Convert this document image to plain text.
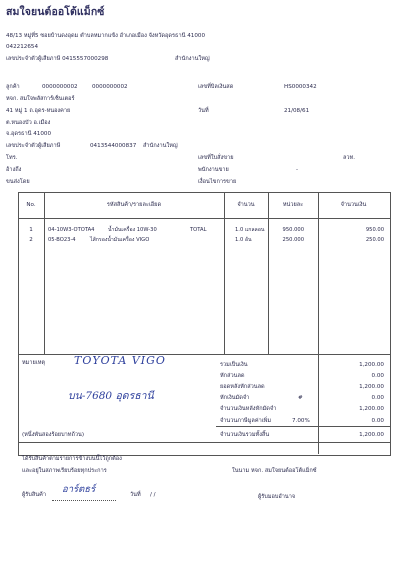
สมใจยนต์ออโต้แม็กซ์
48/13 หมู่ที่5 ซอยบ้านดงอุดม ตำบลหมากแข้ง อำเภอเมือง จังหวัดอุดรธานี 41000
042212654
เลขประจำตัวผู้เสียภาษี 0415557000298	สำนักงานใหญ่
ลูกค้า	0000000002	0000000002	เลขที่บิลเงินสด	HS0000342
หจก. สมใจพลัสการ์เซ็นเตอร์
41 หมู่ 1 ถ.อุดร-หนองคาย	วันที่	21/08/61
ต.หนองบัว อ.เมือง
จ.อุดรธานี 41000
เลขประจำตัวผู้เสียภาษี	0413544000837 สำนักงานใหญ่
โทร.	เลขที่ใบสั่งขาย	ลวท.
อ้างถึง	พนักงานขาย	-
ขนส่งโดย	เงื่อนไขการขาย
No.	รหัสสินค้า/รายละเอียด	จำนวน	หน่วยละ	จำนวนเงิน
1	04-10W3-OTOTA4	น้ำมันเครื่อง 10W-30	TOTAL	1.0 แกลลอน	950.000	950.00
2	05-BO23-4	ไส้กรองน้ำมันเครื่อง VIGO	1.0 อัน	250.000	250.00
หมายเหตุ	TOYOTA VIGO
บน-7680 อุดรธานี
รวมเป็นเงิน	1,200.00
หักส่วนลด	0.00
ยอดหลังหักส่วนลด	1,200.00
หักเงินมัดจำ	#	0.00
จำนวนเงินหลังหักมัดจำ	1,200.00
จำนวนภาษีมูลค่าเพิ่ม	7.00%	0.00
(หนึ่งพันสองร้อยบาทถ้วน)	จำนวนเงินรวมทั้งสิ้น	1,200.00
ได้รับสินค้าตามรายการข้างบนนี้ไว้ถูกต้อง
และอยู่ในสภาพเรียบร้อยทุกประการ	ในนาม หจก. สมใจยนต์ออโต้แม็กซ์
ผู้รับสินค้า อาร์ตธร์	วันที่ / /	ผู้รับมอบอำนาจ
